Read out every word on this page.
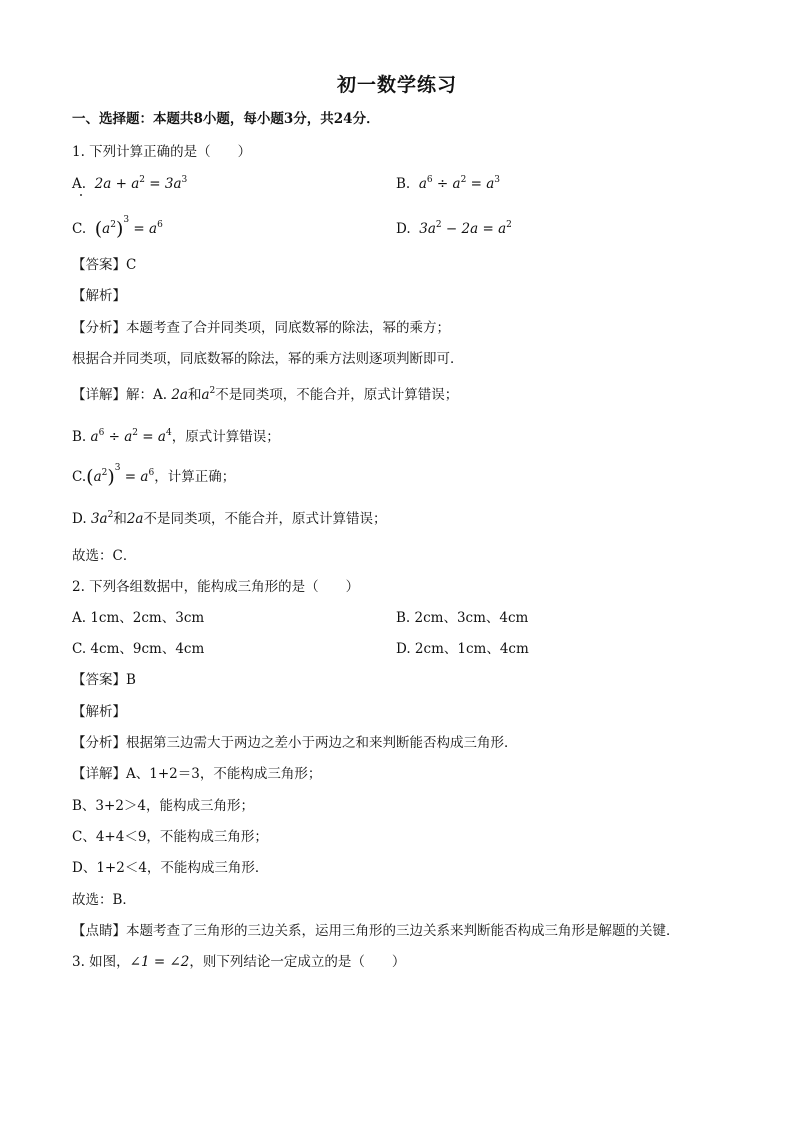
初一数学练习
一、选择题：本题共8小题，每小题3分，共24分．
1. 下列计算正确的是（　　）
A. $2a + a^2 = 3a^3$	B. $a^6 \div a^2 = a^3$
C. $(a^2)^3 = a^6$	D. $3a^2 - 2a = a^2$
【答案】C
【解析】
【分析】本题考查了合并同类项，同底数幂的除法，幂的乘方；
根据合并同类项，同底数幂的除法，幂的乘方法则逐项判断即可．
【详解】解：A. 2a和$a^2$不是同类项，不能合并，原式计算错误；
B. $a^6 \div a^2 = a^4$，原式计算错误；
$C.(a^2)^3 = a^6$，计算正确；
D. $3a^2$和2a不是同类项，不能合并，原式计算错误；
故选：C．
2. 下列各组数据中，能构成三角形的是（　　）
A. 1cm、2cm、3cm	B. 2cm、3cm、4cm
C. 4cm、9cm、4cm	D. 2cm、1cm、4cm
【答案】B
【解析】
【分析】根据第三边需大于两边之差小于两边之和来判断能否构成三角形．
【详解】A、1+2＝3，不能构成三角形；
B、3+2＞4，能构成三角形；
C、4+4＜9，不能构成三角形；
D、1+2＜4，不能构成三角形．
故选：B．
【点睛】本题考查了三角形的三边关系，运用三角形的三边关系来判断能否构成三角形是解题的关键．
3. 如图，∠1 = ∠2，则下列结论一定成立的是（　　）
